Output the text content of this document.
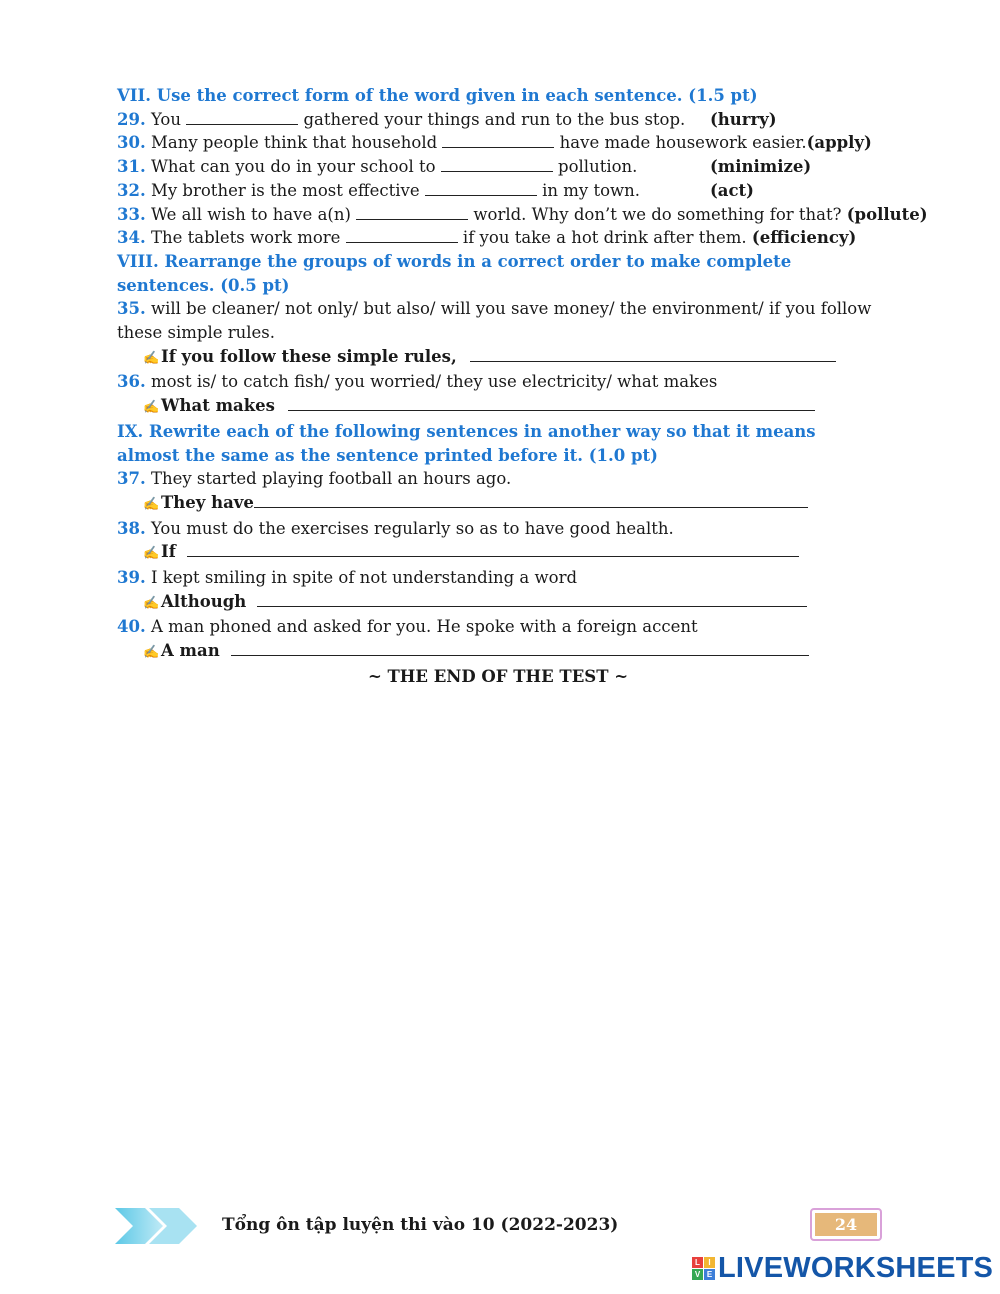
VII. Use the correct form of the word given in each sentence. (1.5 pt)
29. You	gathered your things and run to the bus stop. (hurry)
30. Many people think that household	have made housework easier.(apply)
31. What can you do in your school to	pollution.	(minimize)
32. My brother is the most effective	in my town.	(act)
33. We all wish to have a(n)	world. Why don’t we do something for that? (pollute)
34. The tablets work more	if you take a hot drink after them. (efficiency)
VIII. Rearrange the groups of words in a correct order to make complete sentences. (0.5 pt)
35. will be cleaner/ not only/ but also/ will you save money/ the environment/ if you follow these simple rules.
✍ If you follow these simple rules,
36. most is/ to catch fish/ you worried/ they use electricity/ what makes
✍ What makes
IX. Rewrite each of the following sentences in another way so that it means almost the same as the sentence printed before it. (1.0 pt)
37. They started playing football an hours ago.
✍ They have
38. You must do the exercises regularly so as to have good health.
✍ If
39. I kept smiling in spite of not understanding a word
✍ Although
40. A man phoned and asked for you. He spoke with a foreign accent
✍ A man
~ THE END OF THE TEST ~
Tổng ôn tập luyện thi vào 10 (2022-2023)	24
L	I
V E LIVEWORKSHEETS
